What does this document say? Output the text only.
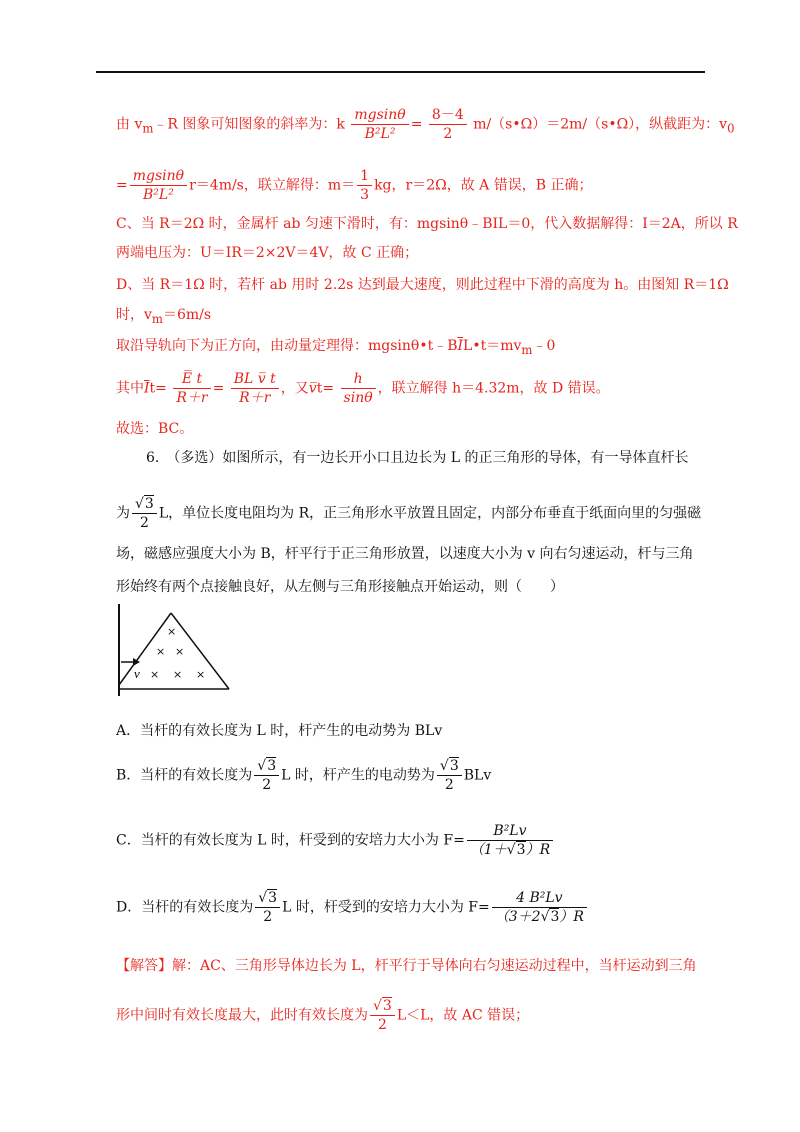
由 $v_m﹣R$ 图象可知图象的斜率为：k $\frac{mgsin\theta}{\text{B²L²}} = \frac{8-4}{2}$ m/（s•Ω）＝2m/（s•Ω），纵截距为：$v_0$
= $\frac{mgsin\theta}{\text{B²L²}} r=4m/s$，联立解得：$m= \frac{1}{3}$ kg，r＝2Ω，故 A 错误，B 正确；
C、当 R＝2Ω 时，金属杆 ab 匀速下滑时，有：mgsinθ﹣BIL＝0，代入数据解得：I＝2A，所以 R
两端电压为：U＝IR＝2×2V＝4V，故 C 正确；
D、当 R＝1Ω 时，若杆 ab 用时 2.2s 达到最大速度，则此过程中下滑的高度为 h。由图知 R＝1Ω
时，$v_m=6m/s$
取沿导轨向下为正方向，由动量定理得：$mgsin\theta•t﹣B\overline{I}L•t=mv_m﹣0$
其中$\overline{I}t= \frac{E̅ t}{R+r} = \frac{\text{BL v̅ t}}{R+r}$ ，又v̅t= $\frac{h}{\sin\theta}$ ，联立解得 h＝4.32m，故 D 错误。
故选：BC。
6.　（多选）如图所示，有一边长开小口且边长为 L 的正三角形的导体，有一导体直杆长
为 $\frac{√3}{2}$ L，单位长度电阻均为 R，正三角形水平放置且固定，内部分布垂直于纸面向里的匀强磁
场，磁感应强度大小为 B，杆平行于正三角形放置，以速度大小为 v 向右匀速运动，杆与三角
形始终有两个点接触良好，从左侧与三角形接触点开始运动，则（　　）
v
×
× ×
× × ×
A．当杆的有效长度为 L 时，杆产生的电动势为 BLv
B．当杆的有效长度为 $\frac{√3}{2}$ L 时，杆产生的电动势为 $\frac{√3}{2}$ BLv
C．当杆的有效长度为 L 时，杆受到的安培力大小为 $F= \frac{\text{B²Lv}}{(1+√3)R}$
D．当杆的有效长度为 $\frac{√3}{2}$ L 时，杆受到的安培力大小为 $F= \frac{\text{4 B²Lv}}{(3+2√3)R}$
【解答】解：AC、三角形导体边长为 L，杆平行于导体向右匀速运动过程中，当杆运动到三角
形中间时有效长度最大，此时有效长度为 $\frac{√3}{2} L<L$，故 AC 错误；
